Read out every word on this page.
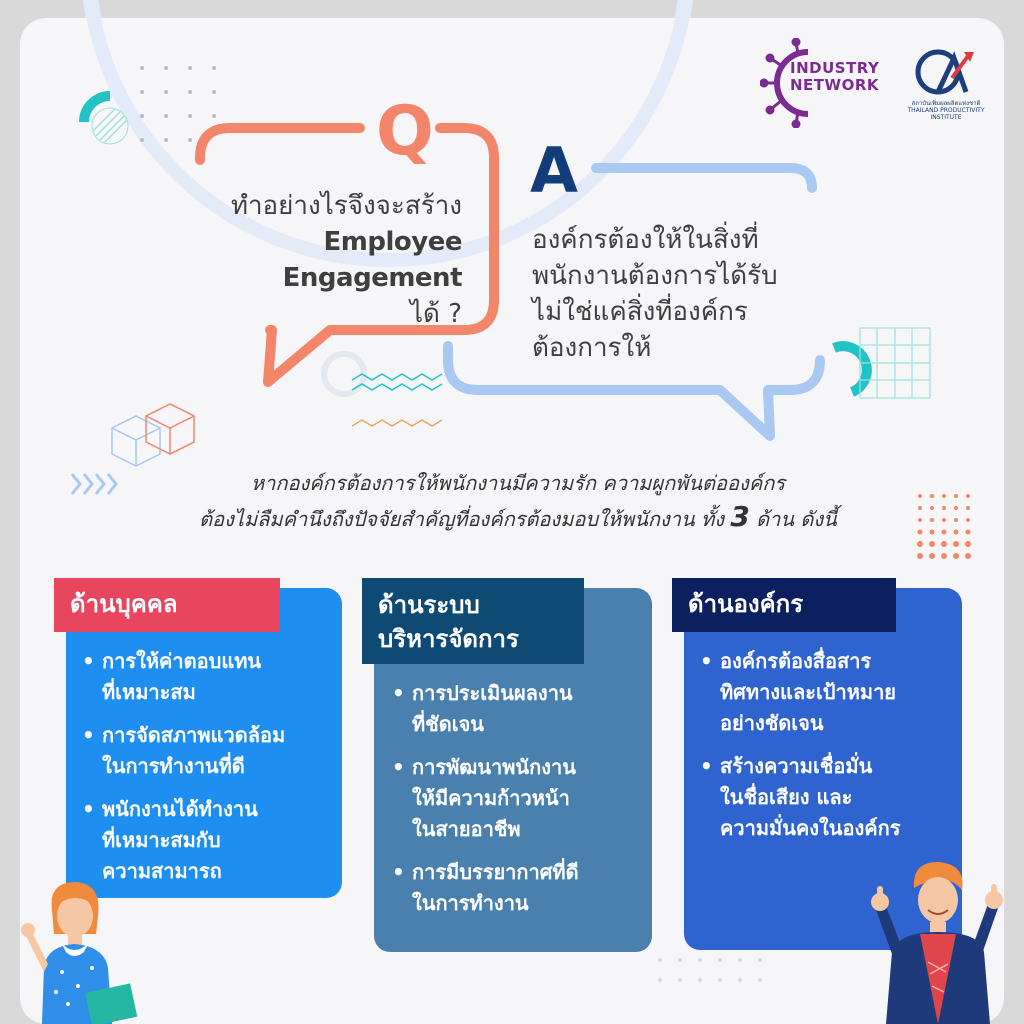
INDUSTRY
NETWORK
สถาบันเพิ่มผลผลิตแห่งชาติ
THAILAND PRODUCTIVITY INSTITUTE
Q A
ทำอย่างไรจึงจะสร้าง
Employee Engagement
ได้ ?
องค์กรต้องให้ในสิ่งที่
พนักงานต้องการได้รับ
ไม่ใช่แค่สิ่งที่องค์กร
ต้องการให้
หากองค์กรต้องการให้พนักงานมีความรัก ความผูกพันต่อองค์กร
ต้องไม่ลืมคำนึงถึงปัจจัยสำคัญที่องค์กรต้องมอบให้พนักงาน ทั้ง 3 ด้าน ดังนี้
ด้านบุคคล
• การให้ค่าตอบแทน
ที่เหมาะสม
• การจัดสภาพแวดล้อม
ในการทำงานที่ดี
• พนักงานได้ทำงาน
ที่เหมาะสมกับ
ความสามารถ
ด้านระบบ
บริหารจัดการ
• การประเมินผลงาน
ที่ชัดเจน
• การพัฒนาพนักงาน
ให้มีความก้าวหน้า
ในสายอาชีพ
• การมีบรรยากาศที่ดี
ในการทำงาน
ด้านองค์กร
• องค์กรต้องสื่อสาร
ทิศทางและเป้าหมาย
อย่างชัดเจน
• สร้างความเชื่อมั่น
ในชื่อเสียง และ
ความมั่นคงในองค์กร
